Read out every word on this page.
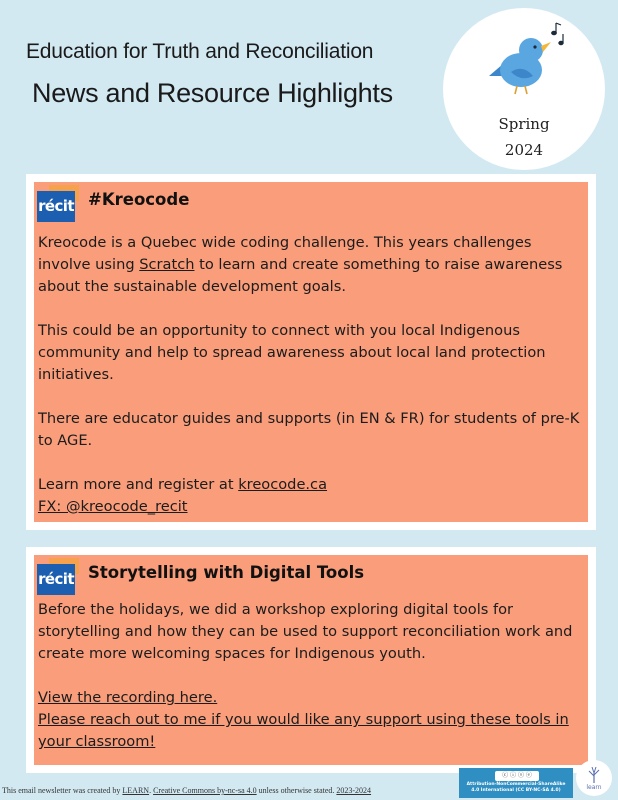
Education for Truth and Reconciliation
News and Resource Highlights
Spring
2024
récit #Kreocode

Kreocode is a Quebec wide coding challenge. This years challenges involve using Scratch to learn and create something to raise awareness about the sustainable development goals.

This could be an opportunity to connect with you local Indigenous community and help to spread awareness about local land protection initiatives.

There are educator guides and supports (in EN & FR) for students of pre-K to AGE.

Learn more and register at kreocode.ca

FX: @kreocode_recit

récit Storytelling with Digital Tools

Before the holidays, we did a workshop exploring digital tools for storytelling and how they can be used to support reconciliation work and create more welcoming spaces for Indigenous youth.

View the recording here.

Please reach out to me if you would like any support using these tools in your classroom!

This email newsletter was created by LEARN. Creative Commons by-nc-sa 4.0 unless otherwise stated. 2023-2024
ⓒ ⓘ ⓢ ⓔ
Attribution-NonCommercial-ShareAlike 4.0 International (CC BY-NC-SA 4.0)	learn
